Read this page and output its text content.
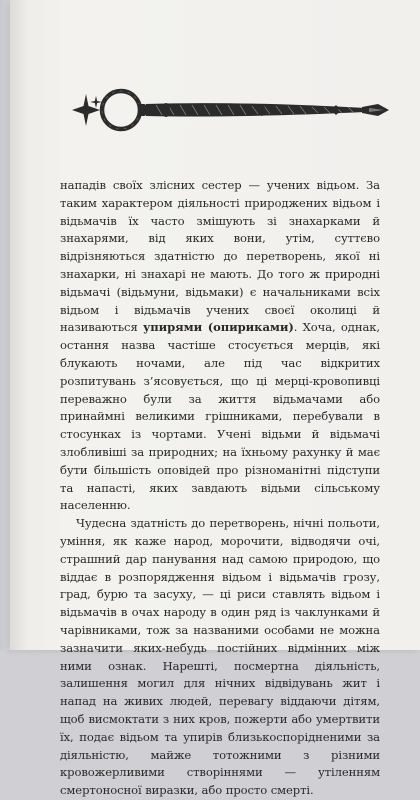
нападів своїх злісних сестер — учених відьом. За таким характером діяльності природжених відьом і відьмачів їх часто змішують зі знахарками й знахарями, від яких вони, утім, суттєво відрізняються здатністю до перетворень, якої ні знахарки, ні знахарі не мають. До того ж природні відьмачі (відьмуни, відьмаки) є начальниками всіх відьом і відьмачів учених своєї околиці й називаються упирями (опириками). Хоча, однак, остання назва частіше стосується мерців, які блукають ночами, але під час відкритих розпитувань з’ясовується, що ці мерці-кровопивці переважно були за життя відьмачами або принаймні великими грішниками, перебували в стосунках із чортами. Учені відьми й відьмачі злобливіші за природних; на їхньому рахунку й має бути більшість оповідей про різноманітні підступи та напасті, яких завдають відьми сільському населенню.

Чудесна здатність до перетворень, нічні польоти, уміння, як каже народ, морочити, відводячи очі, страшний дар панування над самою природою, що віддає в розпорядження відьом і відьмачів грозу, град, бурю та засуху, — ці риси ставлять відьом і відьмачів в очах народу в один ряд із чаклунками й чарівниками, тож за названими особами не можна зазначити яких-небудь постійних відмінних між ними ознак. Нарешті, посмертна діяльність, залишення могил для нічних відвідувань жит і напад на живих людей, перевагу віддаючи дітям, щоб висмоктати з них кров, пожерти або умертвити їх, подає відьом та упирів близькоспорідненими за діяльністю, майже тотожними з різними кровожерливими створіннями — утіленням смертоносної виразки, або просто смерті.
